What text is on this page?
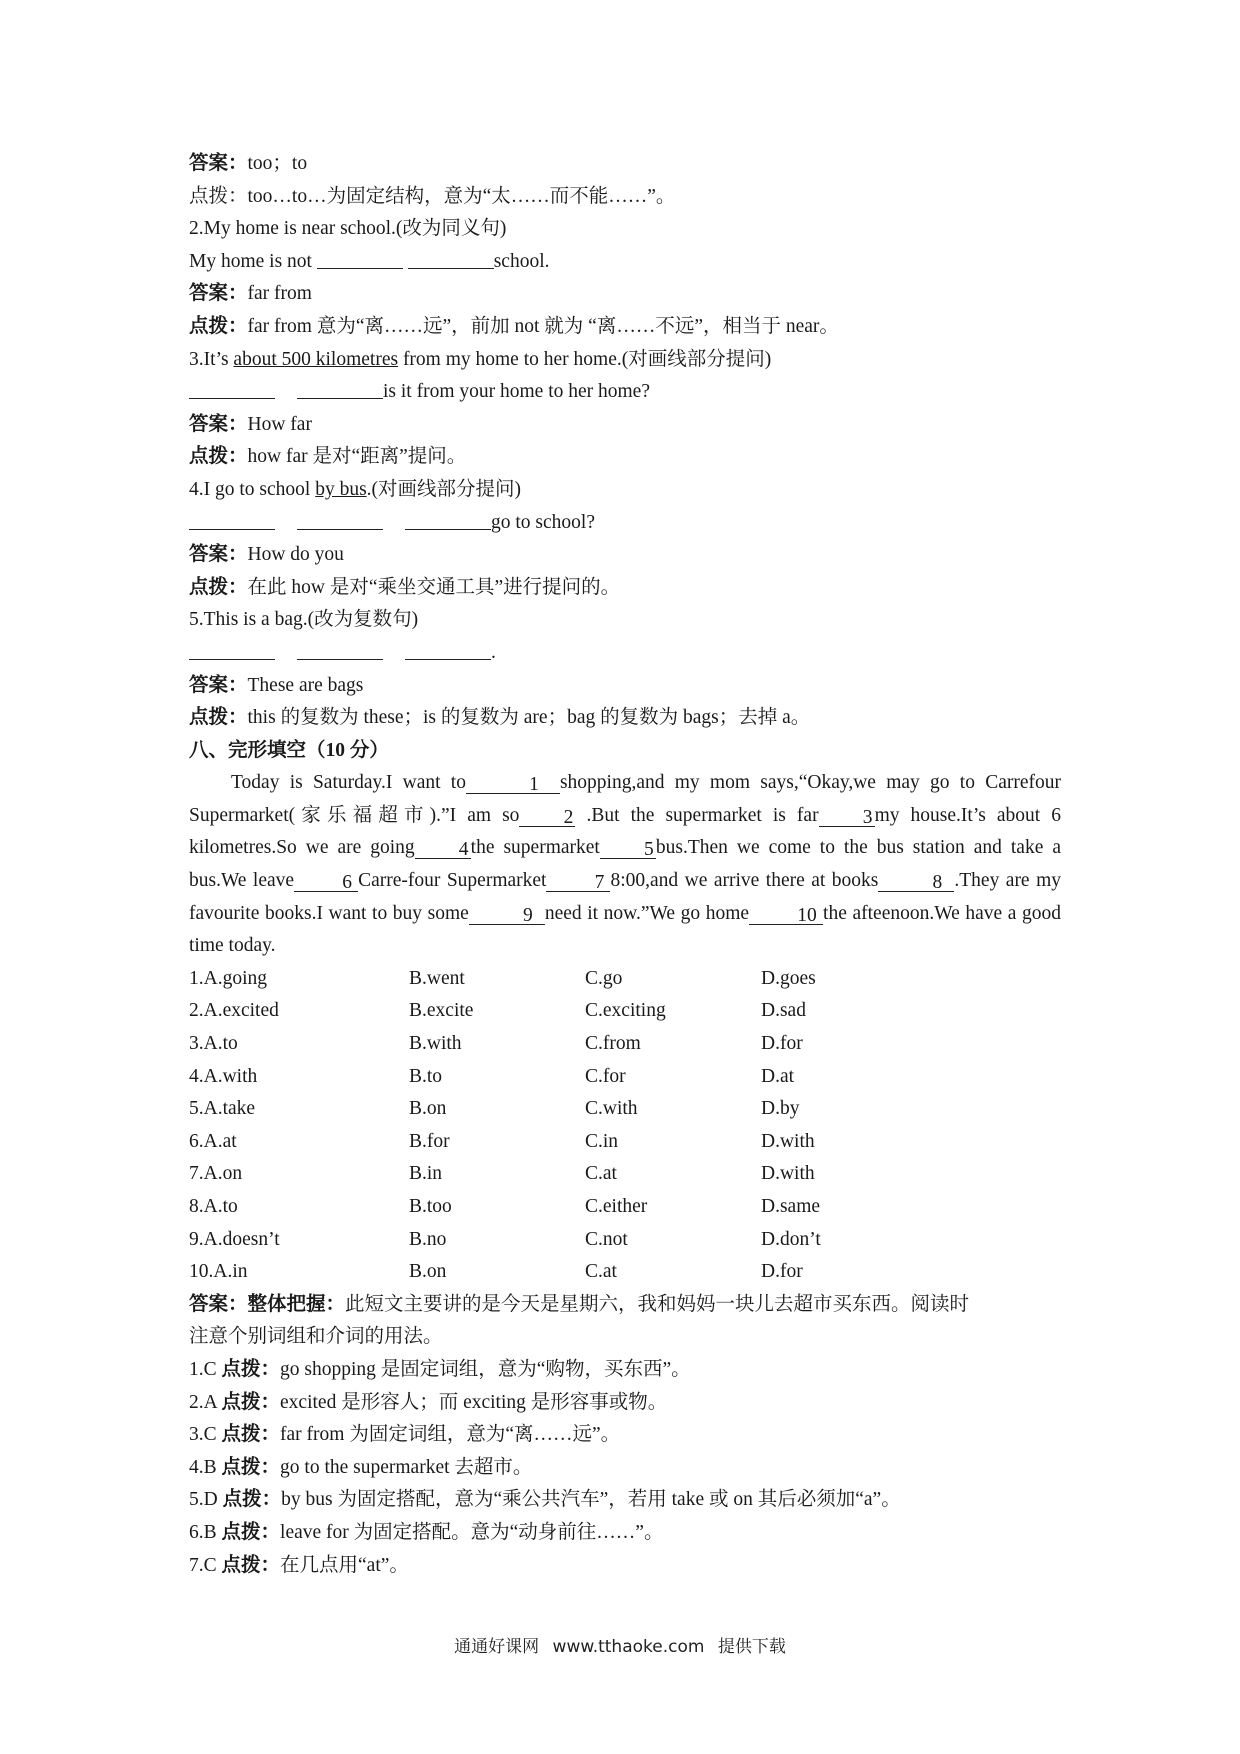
答案：too；to
点拨：too…to…为固定结构，意为“太……而不能……”。
2.My home is near school.(改为同义句)
My home is not	school.
答案：far from
点拨：far from 意为“离……远”，前加 not 就为 “离……不远”，相当于 near。
3.It’s about 500 kilometres from my home to her home.(对画线部分提问)
is it from your home to her home?
答案：How far
点拨：how far 是对“距离”提问。
4.I go to school by bus.(对画线部分提问)
go to school?
答案：How do you
点拨：在此 how 是对“乘坐交通工具”进行提问的。
5.This is a bag.(改为复数句)
.
答案：These are bags
点拨：this 的复数为 these；is 的复数为 are；bag 的复数为 bags；去掉 a。
八、完形填空（10 分）
Today is Saturday.I want to	1 shopping,and my mom says,“Okay,we may go to Carrefour Supermarket(家乐福超市).”I am so 2 .But the supermarket is far 3 my house.It’s about 6 kilometres.So we are going 4 the supermarket 5 bus.Then we come to the bus station and take a bus.We leave 6 Carre-four Supermarket 7 8:00,and we arrive there at books	8 .They are my favourite books.I want to buy some	9 need it now.”We go home 10 the afteenoon.We have a good time today.
1.A.going	B.went	C.go	D.goes
2.A.excited	B.excite	C.exciting	D.sad
3.A.to	B.with	C.from	D.for
4.A.with	B.to	C.for	D.at
5.A.take	B.on	C.with	D.by
6.A.at	B.for	C.in	D.with
7.A.on	B.in	C.at	D.with
8.A.to	B.too	C.either	D.same
9.A.doesn’t	B.no	C.not	D.don’t
10.A.in	B.on	C.at	D.for
答案：整体把握：此短文主要讲的是今天是星期六，我和妈妈一块儿去超市买东西。阅读时
注意个别词组和介词的用法。
1.C 点拨：go shopping 是固定词组，意为“购物，买东西”。
2.A 点拨：excited 是形容人；而 exciting 是形容事或物。
3.C 点拨：far from 为固定词组，意为“离……远”。
4.B 点拨：go to the supermarket 去超市。
5.D 点拨：by bus 为固定搭配，意为“乘公共汽车”，若用 take 或 on 其后必须加“a”。
6.B 点拨：leave for 为固定搭配。意为“动身前往……”。
7.C 点拨：在几点用“at”。
通通好课网 www.tthaoke.com 提供下载
